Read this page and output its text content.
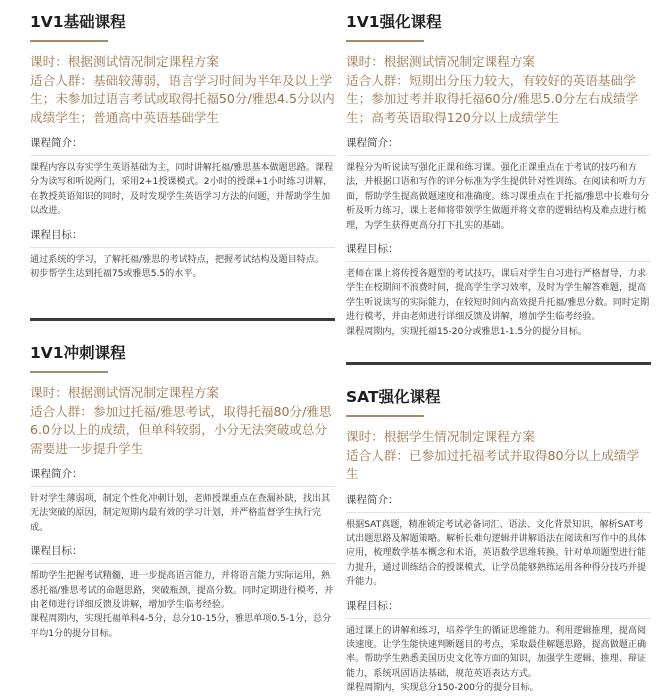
1V1基础课程
课时：根据测试情况制定课程方案
适合人群：基础较薄弱，语言学习时间为半年及以上学生；未参加过语言考试或取得托福50分/雅思4.5分以内成绩学生；普通高中英语基础学生
课程简介：
课程内容以夯实学生英语基础为主，同时讲解托福/雅思基本做题思路。课程分为读写和听说两门，采用2+1授课模式。2小时的授课+1小时练习讲解，在教授英语知识的同时，及时发现学生英语学习方法的问题，并帮助学生加以改进。
课程目标：

通过系统的学习，了解托福/雅思的考试特点，把握考试结构及题目特点。

初步帮学生达到托福75或雅思5.5的水平。

1V1强化课程
课时：根据测试情况制定课程方案
适合人群：短期出分压力较大，有较好的英语基础学生；参加过考并取得托福60分/雅思5.0分左右成绩学生；高考英语取得120分以上成绩学生
课程简介：
课程分为听说读写强化正课和练习课。强化正课重点在于考试的技巧和方法，并根据口语和写作的评分标准为学生提供针对性训练。在阅读和听力方面，帮助学生提高做题速度和准确度。练习课重点在于托福/雅思中长难句分析及听力练习，课上老师将带领学生做题并将文章的逻辑结构及难点进行梳理，为学生获得更高分打下扎实的基础。
课程目标：

老师在课上将传授各题型的考试技巧，课后对学生自习进行严格督导，力求学生在校期间不浪费时间，提高学生学习效率，及时为学生解答难题，提高学生听说读写的实际能力，在较短时间内高效提升托福/雅思分数。同时定期进行模考，并由老师进行详细反馈及讲解，增加学生临考经验。

课程周期内，实现托福15-20分或雅思1-1.5分的提分目标。

1V1冲刺课程
课时：根据测试情况制定课程方案
适合人群：参加过托福/雅思考试，取得托福80分/雅思6.0分以上的成绩，但单科较弱，小分无法突破或总分需要进一步提升学生
课程简介：
针对学生薄弱项，制定个性化冲刺计划，老师授课重点在查漏补缺，找出其无法突破的原因，制定短期内最有效的学习计划，并严格监督学生执行完成。
课程目标：

帮助学生把握考试精髓，进一步提高语言能力，并将语言能力实际运用，熟悉托福/雅思考试的命题思路，突破瓶颈，提高分数。同时定期进行模考，并由老师进行详细反馈及讲解，增加学生临考经验。

课程周期内，实现托福单科4-5分，总分10-15分，雅思单项0.5-1分，总分平均1分的提分目标。

SAT强化课程
课时：根据学生情况制定课程方案
适合人群：已参加过托福考试并取得80分以上成绩学生
课程简介：
根据SAT真题，精准锁定考试必备词汇、语法、文化背景知识，解析SAT考试出题思路及解题策略。解析长难句逻辑并讲解语法在阅读和写作中的具体应用，梳理数学基本概念和术语，英语数学思维转换。针对单项题型进行能力提升，通过训练结合的授课模式，让学员能够熟练运用各种得分技巧并提升能力。
课程目标：

通过课上的讲解和练习，培养学生的循证思维能力。利用逻辑推理，提高阅读速度。让学生能快速判断题目的考点，采取最佳解题思路，提高做题正确率。帮助学生熟悉美国历史文化等方面的知识，加强学生逻辑、推理、辩证能力，系统巩固语法基础，规范英语表达方式。

课程周期内，实现总分150-200分的提分目标。
